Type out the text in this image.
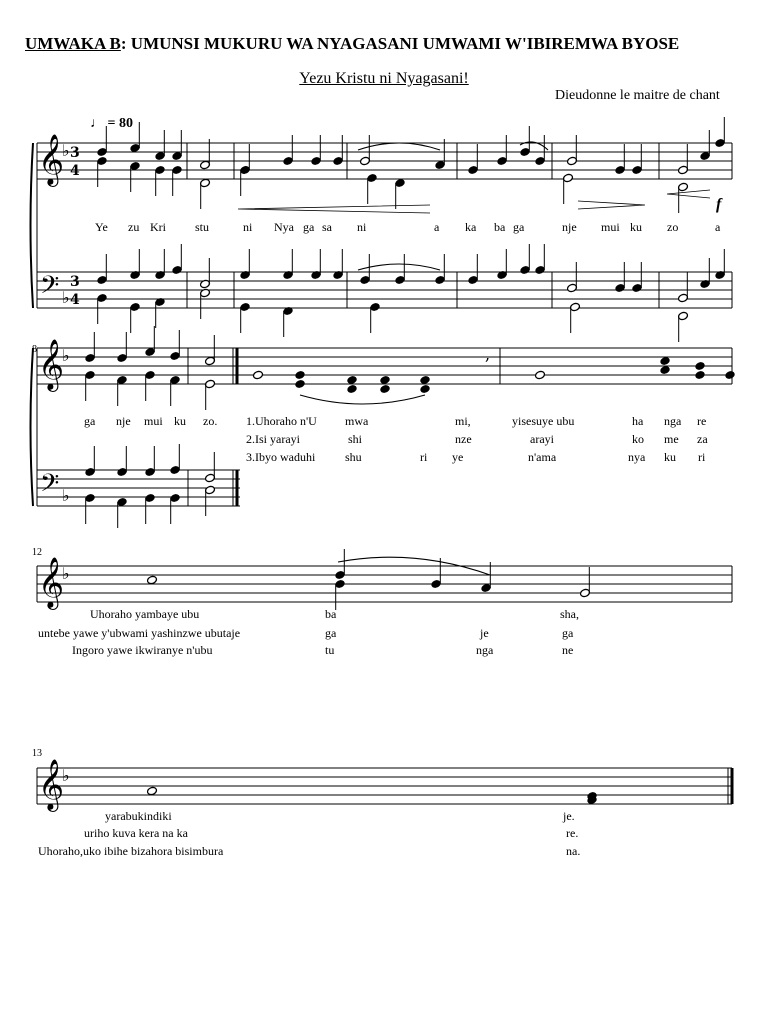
UMWAKA B: UMUNSI MUKURU WA NYAGASANI UMWAMI W'IBIREMWA BYOSE
Yezu Kristu ni Nyagasani!
Dieudonne le maitre de chant
𝄞
𝄢
♭
♭
3
4
3
4
𝄞
𝄢
♭
♭
,
𝄞
♭
𝄞
♭
♩ = 80
f
8
12
13
Ye zu Kri stu	ni Nya ga sa ni	a ka ba ga	nje mui ku zo	a
ga nje mui ku zo. 1.Uhoraho n'U mwa	mi,	yisesuye ubu	ha nga re
2.Isi yarayi	shi	nze	arayi	ko me za
3.Ibyo waduhi shu	ri ye	n'ama	nya ku ri
Uhoraho yambaye ubu	ba	sha,
untebe yawe y'ubwami yashinzwe ubutaje	ga	je	ga
Ingoro yawe ikwiranye n'ubu	tu	nga	ne
yarabukindiki	je.
uriho kuva kera na ka	re.
Uhoraho,uko ibihe bizahora bisimbura	na.
